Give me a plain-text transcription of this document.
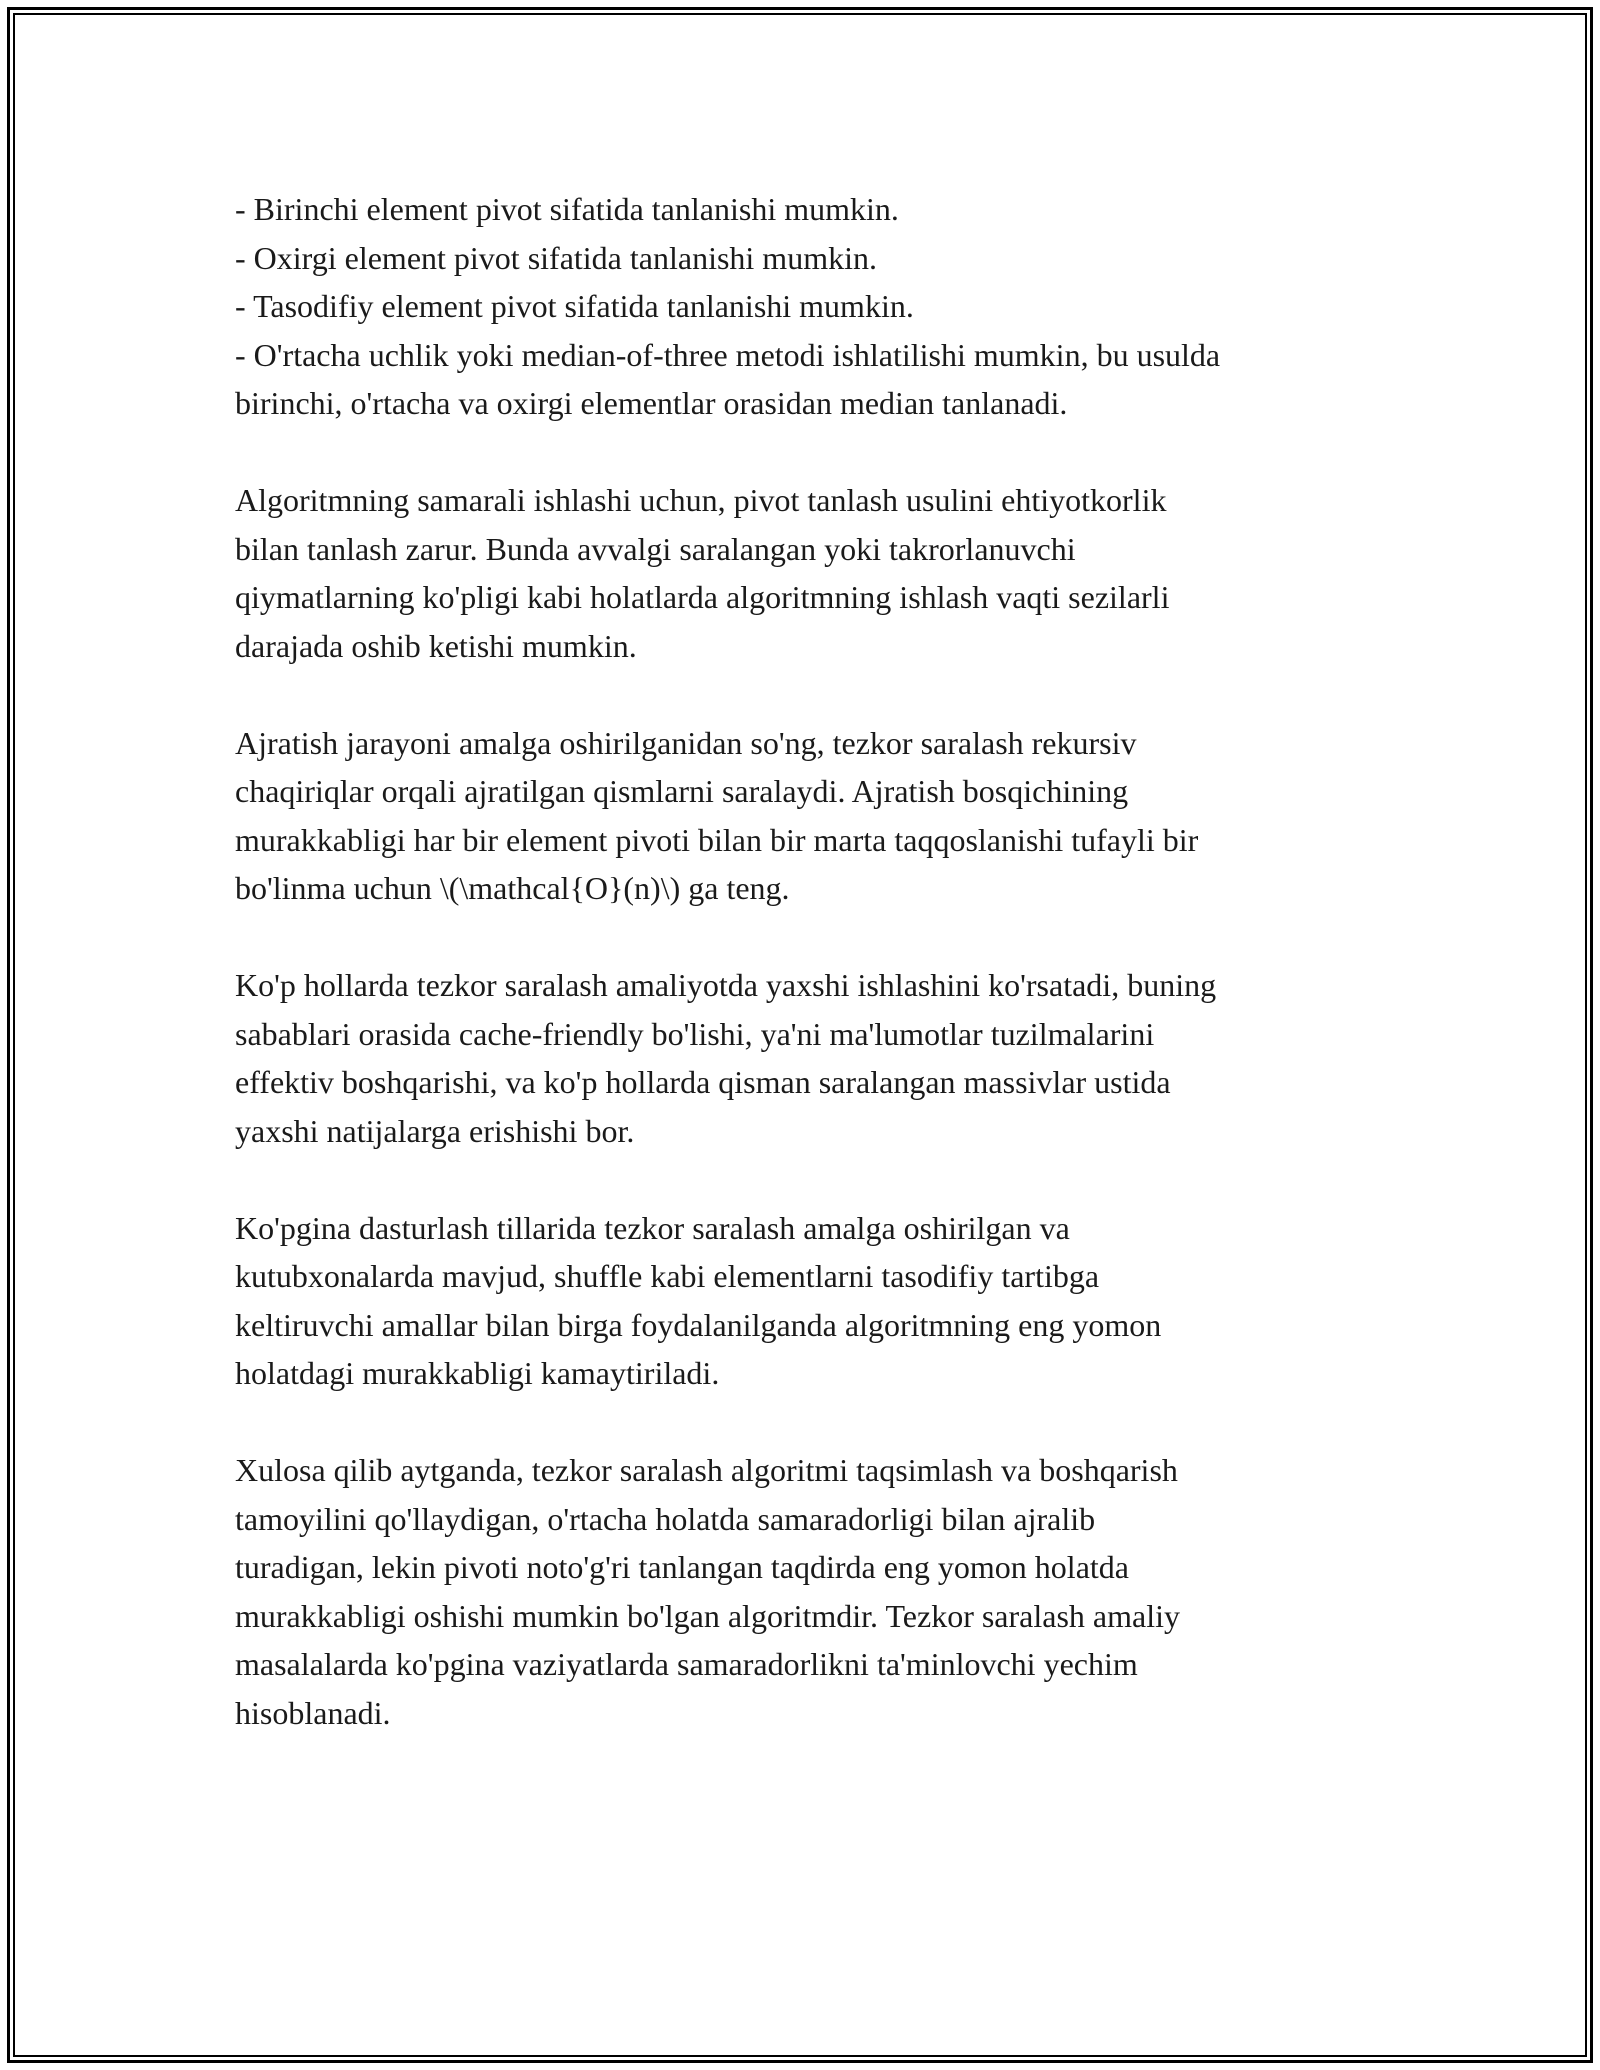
- Birinchi element pivot sifatida tanlanishi mumkin.
- Oxirgi element pivot sifatida tanlanishi mumkin.
- Tasodifiy element pivot sifatida tanlanishi mumkin.
- O'rtacha uchlik yoki median-of-three metodi ishlatilishi mumkin, bu usulda
birinchi, o'rtacha va oxirgi elementlar orasidan median tanlanadi.
Algoritmning samarali ishlashi uchun, pivot tanlash usulini ehtiyotkorlik
bilan tanlash zarur. Bunda avvalgi saralangan yoki takrorlanuvchi
qiymatlarning ko'pligi kabi holatlarda algoritmning ishlash vaqti sezilarli
darajada oshib ketishi mumkin.
Ajratish jarayoni amalga oshirilganidan so'ng, tezkor saralash rekursiv
chaqiriqlar orqali ajratilgan qismlarni saralaydi. Ajratish bosqichining
murakkabligi har bir element pivoti bilan bir marta taqqoslanishi tufayli bir
bo'linma uchun \(\mathcal{O}(n)\) ga teng.
Ko'p hollarda tezkor saralash amaliyotda yaxshi ishlashini ko'rsatadi, buning
sabablari orasida cache-friendly bo'lishi, ya'ni ma'lumotlar tuzilmalarini
effektiv boshqarishi, va ko'p hollarda qisman saralangan massivlar ustida
yaxshi natijalarga erishishi bor.
Ko'pgina dasturlash tillarida tezkor saralash amalga oshirilgan va
kutubxonalarda mavjud, shuffle kabi elementlarni tasodifiy tartibga
keltiruvchi amallar bilan birga foydalanilganda algoritmning eng yomon
holatdagi murakkabligi kamaytiriladi.
Xulosa qilib aytganda, tezkor saralash algoritmi taqsimlash va boshqarish
tamoyilini qo'llaydigan, o'rtacha holatda samaradorligi bilan ajralib
turadigan, lekin pivoti noto'g'ri tanlangan taqdirda eng yomon holatda
murakkabligi oshishi mumkin bo'lgan algoritmdir. Tezkor saralash amaliy
masalalarda ko'pgina vaziyatlarda samaradorlikni ta'minlovchi yechim
hisoblanadi.
